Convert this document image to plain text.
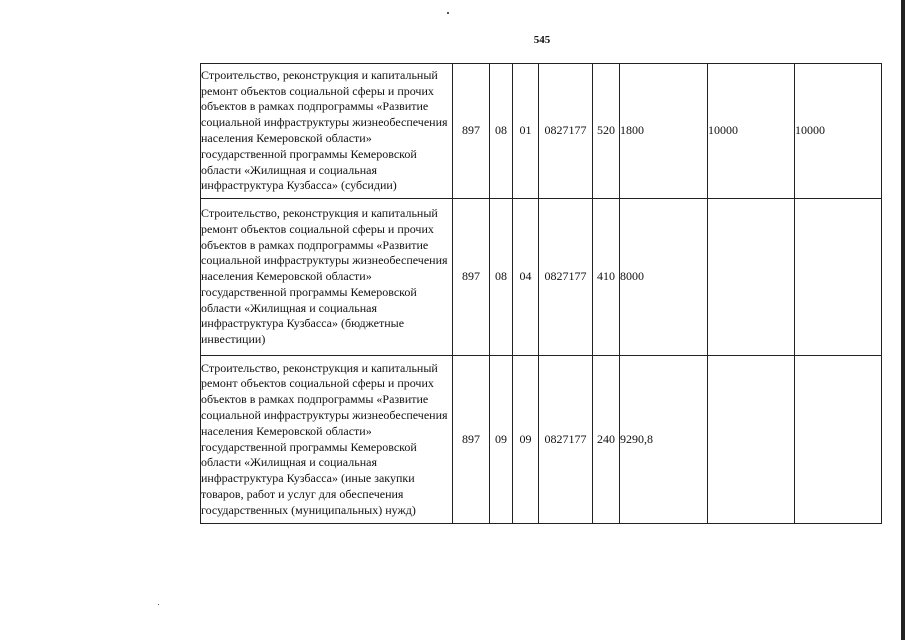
545
Строительство, реконструкция и капитальный ремонт объектов социальной сферы и прочих объектов в рамках подпрограммы «Развитие социальной инфраструктуры жизнеобеспечения населения Кемеровской области» государственной программы Кемеровской области «Жилищная и социальная инфраструктура Кузбасса» (субсидии)	897	08	01	0827177	520	1800	10000	10000
Строительство, реконструкция и капитальный ремонт объектов социальной сферы и прочих объектов в рамках подпрограммы «Развитие социальной инфраструктуры жизнеобеспечения населения Кемеровской области» государственной программы Кемеровской области «Жилищная и социальная инфраструктура Кузбасса» (бюджетные инвестиции)	897	08	04	0827177	410	8000		
Строительство, реконструкция и капитальный ремонт объектов социальной сферы и прочих объектов в рамках подпрограммы «Развитие социальной инфраструктуры жизнеобеспечения населения Кемеровской области» государственной программы Кемеровской области «Жилищная и социальная инфраструктура Кузбасса» (иные закупки товаров, работ и услуг для обеспечения государственных (муниципальных) нужд)	897	09	09	0827177	240	9290,8		
